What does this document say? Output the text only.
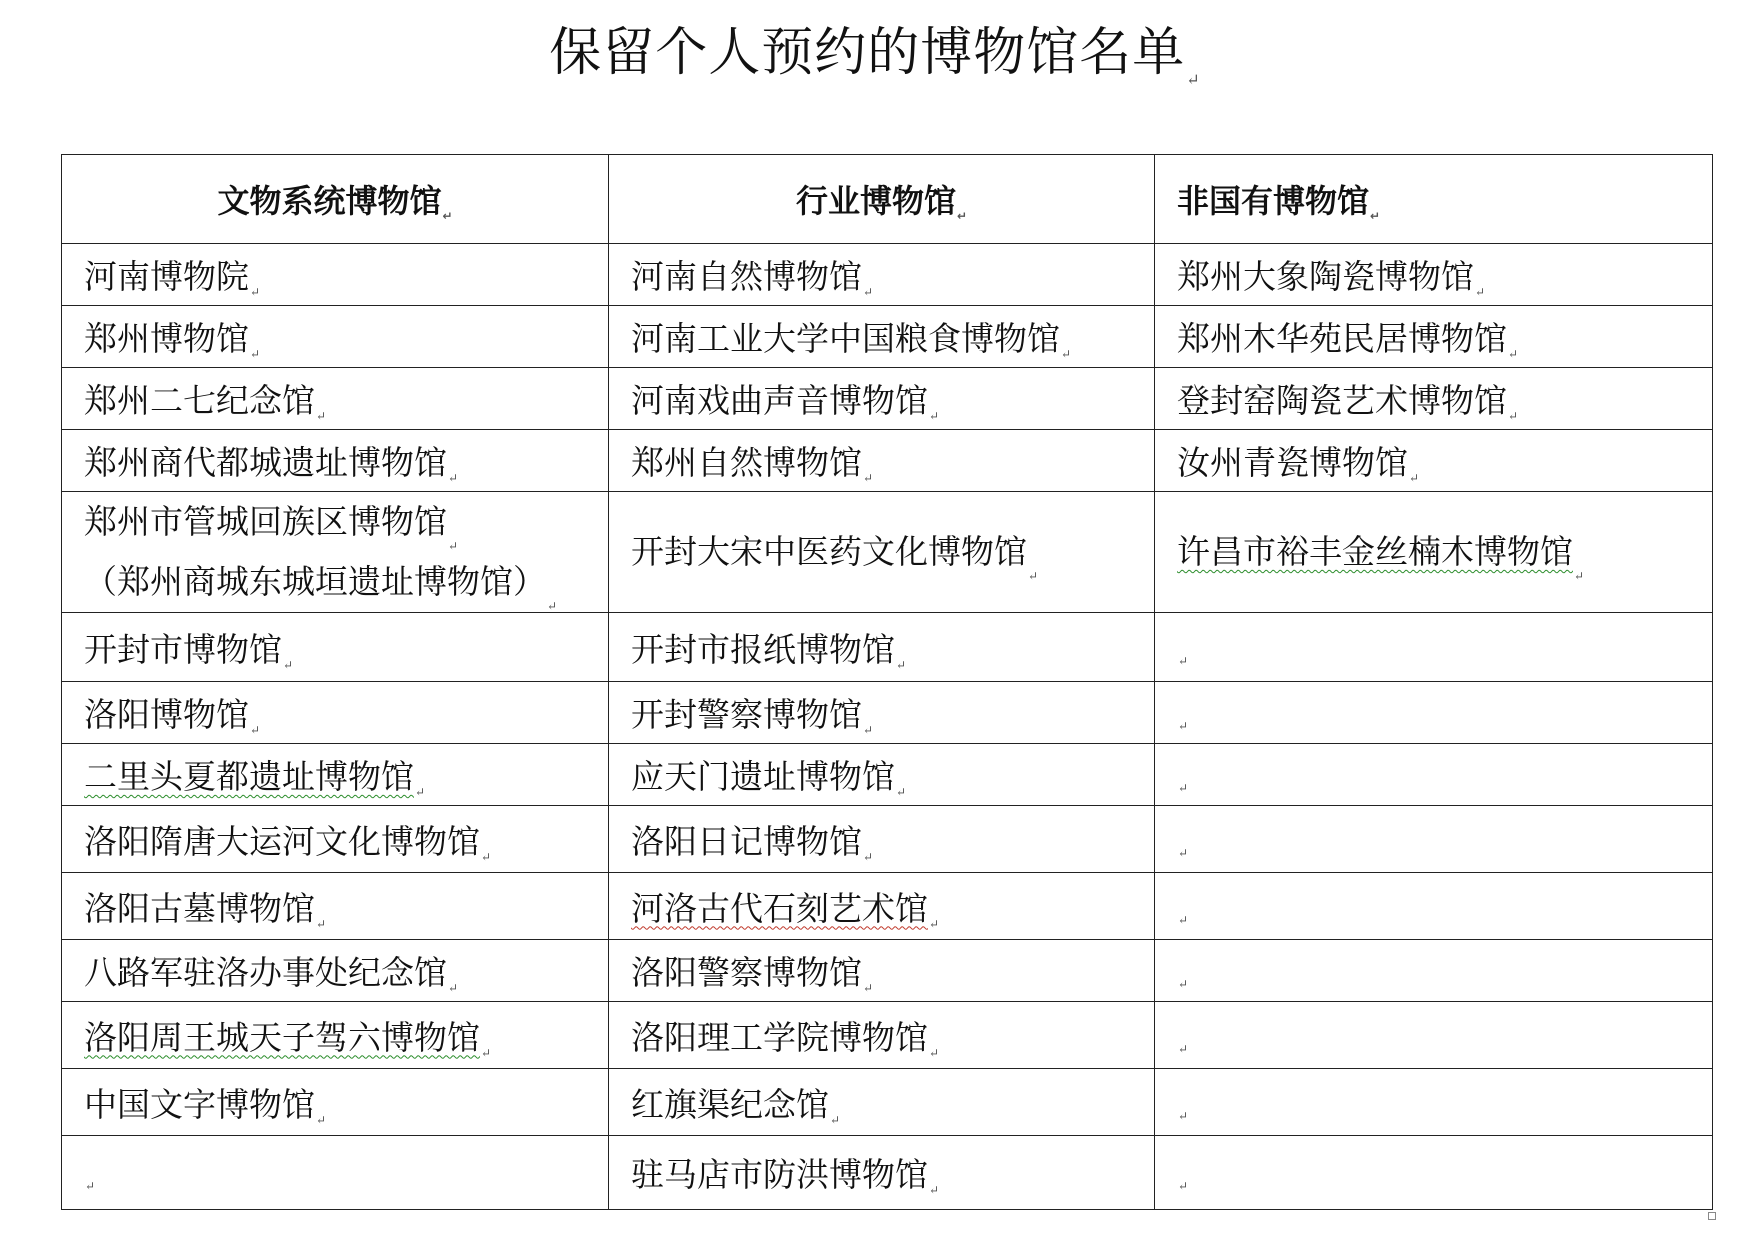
保留个人预约的博物馆名单↵
文物系统博物馆↵	行业博物馆↵	非国有博物馆↵
河南博物院↵	河南自然博物馆↵	郑州大象陶瓷博物馆↵
郑州博物馆↵	河南工业大学中国粮食博物馆↵	郑州木华苑民居博物馆↵
郑州二七纪念馆↵	河南戏曲声音博物馆↵	登封窑陶瓷艺术博物馆↵
郑州商代都城遗址博物馆↵	郑州自然博物馆↵	汝州青瓷博物馆↵
郑州市管城回族区博物馆↵
（郑州商城东城垣遗址博物馆）↵	开封大宋中医药文化博物馆↵	许昌市裕丰金丝楠木博物馆↵
开封市博物馆↵	开封市报纸博物馆↵	↵
洛阳博物馆↵	开封警察博物馆↵	↵
二里头夏都遗址博物馆↵	应天门遗址博物馆↵	↵
洛阳隋唐大运河文化博物馆↵	洛阳日记博物馆↵	↵
洛阳古墓博物馆↵	河洛古代石刻艺术馆↵	↵
八路军驻洛办事处纪念馆↵	洛阳警察博物馆↵	↵
洛阳周王城天子驾六博物馆↵	洛阳理工学院博物馆↵	↵
中国文字博物馆↵	红旗渠纪念馆↵	↵
↵	驻马店市防洪博物馆↵	↵
